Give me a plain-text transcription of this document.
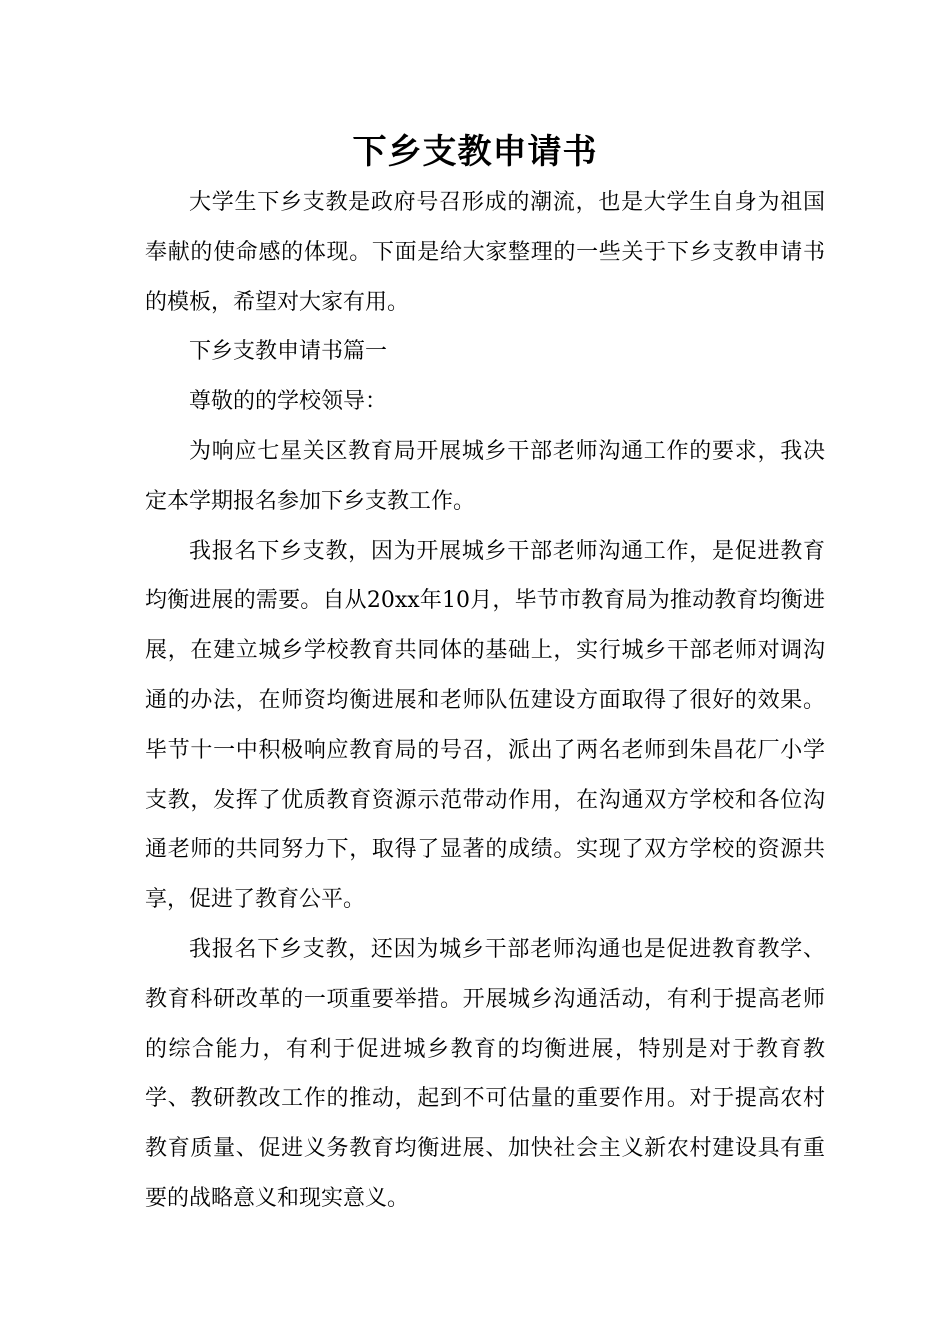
下乡支教申请书

大学生下乡支教是政府号召形成的潮流，也是大学生自身为祖国奉献的使命感的体现。下面是给大家整理的一些关于下乡支教申请书的模板，希望对大家有用。

下乡支教申请书篇一

尊敬的的学校领导：

为响应七星关区教育局开展城乡干部老师沟通工作的要求，我决定本学期报名参加下乡支教工作。

我报名下乡支教，因为开展城乡干部老师沟通工作，是促进教育均衡进展的需要。自从20xx年10月，毕节市教育局为推动教育均衡进展，在建立城乡学校教育共同体的基础上，实行城乡干部老师对调沟通的办法，在师资均衡进展和老师队伍建设方面取得了很好的效果。毕节十一中积极响应教育局的号召，派出了两名老师到朱昌花厂小学支教，发挥了优质教育资源示范带动作用，在沟通双方学校和各位沟通老师的共同努力下，取得了显著的成绩。实现了双方学校的资源共享，促进了教育公平。

我报名下乡支教，还因为城乡干部老师沟通也是促进教育教学、教育科研改革的一项重要举措。开展城乡沟通活动，有利于提高老师的综合能力，有利于促进城乡教育的均衡进展，特别是对于教育教学、教研教改工作的推动，起到不可估量的重要作用。对于提高农村教育质量、促进义务教育均衡进展、加快社会主义新农村建设具有重要的战略意义和现实意义。
